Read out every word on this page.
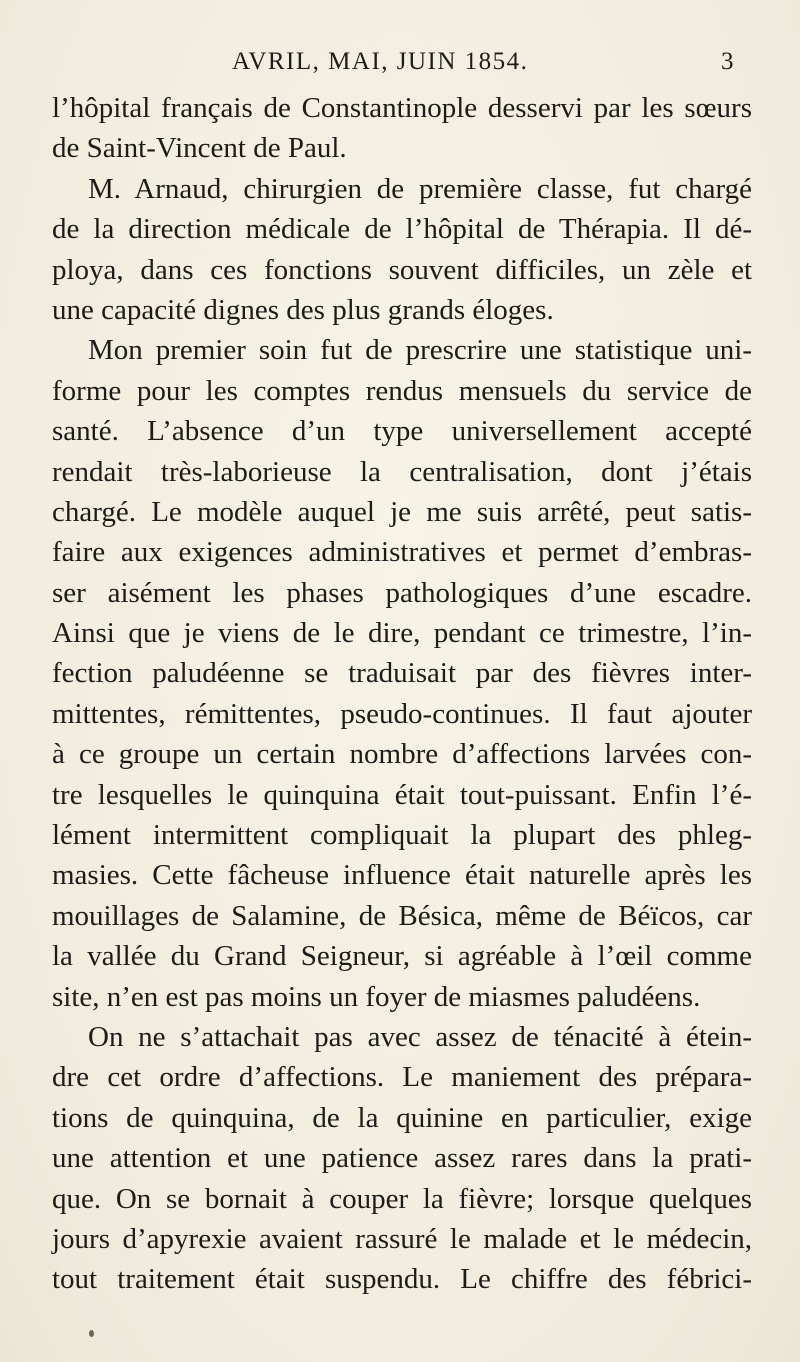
AVRIL, MAI, JUIN 1854.	3
l’hôpital français de Constantinople desservi par les sœurs
de Saint-Vincent de Paul.
M. Arnaud, chirurgien de première classe, fut chargé
de la direction médicale de l’hôpital de Thérapia. Il dé-
ploya, dans ces fonctions souvent difficiles, un zèle et
une capacité dignes des plus grands éloges.
Mon premier soin fut de prescrire une statistique uni-
forme pour les comptes rendus mensuels du service de
santé. L’absence d’un type universellement accepté
rendait très-laborieuse la centralisation, dont j’étais
chargé. Le modèle auquel je me suis arrêté, peut satis-
faire aux exigences administratives et permet d’embras-
ser aisément les phases pathologiques d’une escadre.
Ainsi que je viens de le dire, pendant ce trimestre, l’in-
fection paludéenne se traduisait par des fièvres inter-
mittentes, rémittentes, pseudo-continues. Il faut ajouter
à ce groupe un certain nombre d’affections larvées con-
tre lesquelles le quinquina était tout-puissant. Enfin l’é-
lément intermittent compliquait la plupart des phleg-
masies. Cette fâcheuse influence était naturelle après les
mouillages de Salamine, de Bésica, même de Béïcos, car
la vallée du Grand Seigneur, si agréable à l’œil comme
site, n’en est pas moins un foyer de miasmes paludéens.
On ne s’attachait pas avec assez de ténacité à étein-
dre cet ordre d’affections. Le maniement des prépara-
tions de quinquina, de la quinine en particulier, exige
une attention et une patience assez rares dans la prati-
que. On se bornait à couper la fièvre; lorsque quelques
jours d’apyrexie avaient rassuré le malade et le médecin,
tout traitement était suspendu. Le chiffre des fébrici-
